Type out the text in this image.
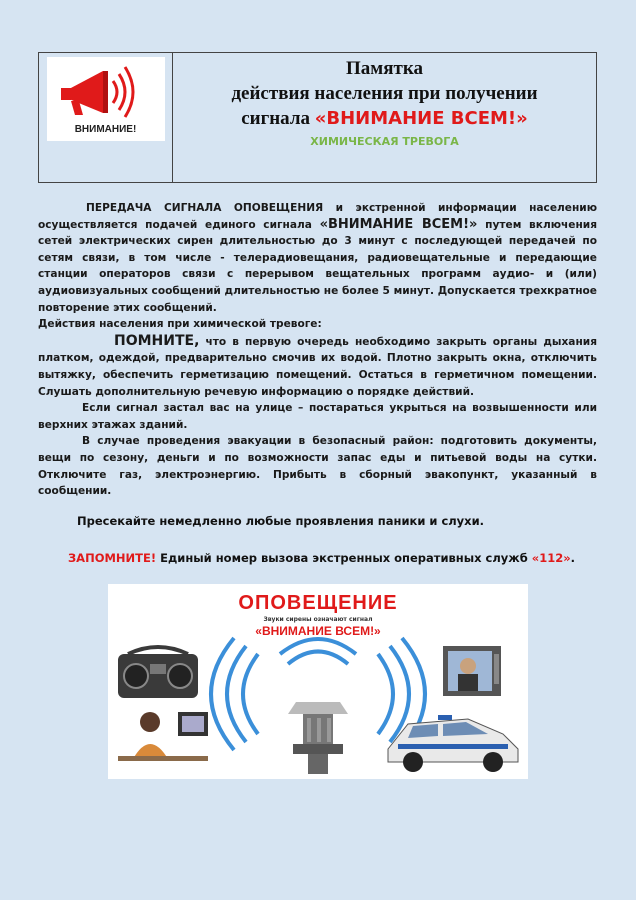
ВНИМАНИЕ!
Памятка
действия населения при получении
сигнала «ВНИМАНИЕ ВСЕМ!»
ХИМИЧЕСКАЯ ТРЕВОГА

ПЕРЕДАЧА СИГНАЛА ОПОВЕЩЕНИЯ и экстренной информации населению осуществляется подачей единого сигнала «ВНИМАНИЕ ВСЕМ!» путем включения сетей электрических сирен длительностью до 3 минут с последующей передачей по сетям связи, в том числе - телерадиовещания, радиовещательные и передающие станции операторов связи с перерывом вещательных программ аудио- и (или) аудиовизуальных сообщений длительностью не более 5 минут. Допускается трехкратное повторение этих сообщений.

Действия населения при химической тревоге:

ПОМНИТЕ, что в первую очередь необходимо закрыть органы дыхания платком, одеждой, предварительно смочив их водой. Плотно закрыть окна, отключить вытяжку, обеспечить герметизацию помещений. Остаться в герметичном помещении. Слушать дополнительную речевую информацию о порядке действий.

Если сигнал застал вас на улице – постараться укрыться на возвышенности или верхних этажах зданий.

В случае проведения эвакуации в безопасный район: подготовить документы, вещи по сезону, деньги и по возможности запас еды и питьевой воды на сутки. Отключите газ, электроэнергию. Прибыть в сборный эвакопункт, указанный в сообщении.

Пресекайте немедленно любые проявления паники и слухи.
ЗАПОМНИТЕ! Единый номер вызова экстренных оперативных служб «112».
ОПОВЕЩЕНИЕ
Звуки сирены означают сигнал
«ВНИМАНИЕ ВСЕМ!»
